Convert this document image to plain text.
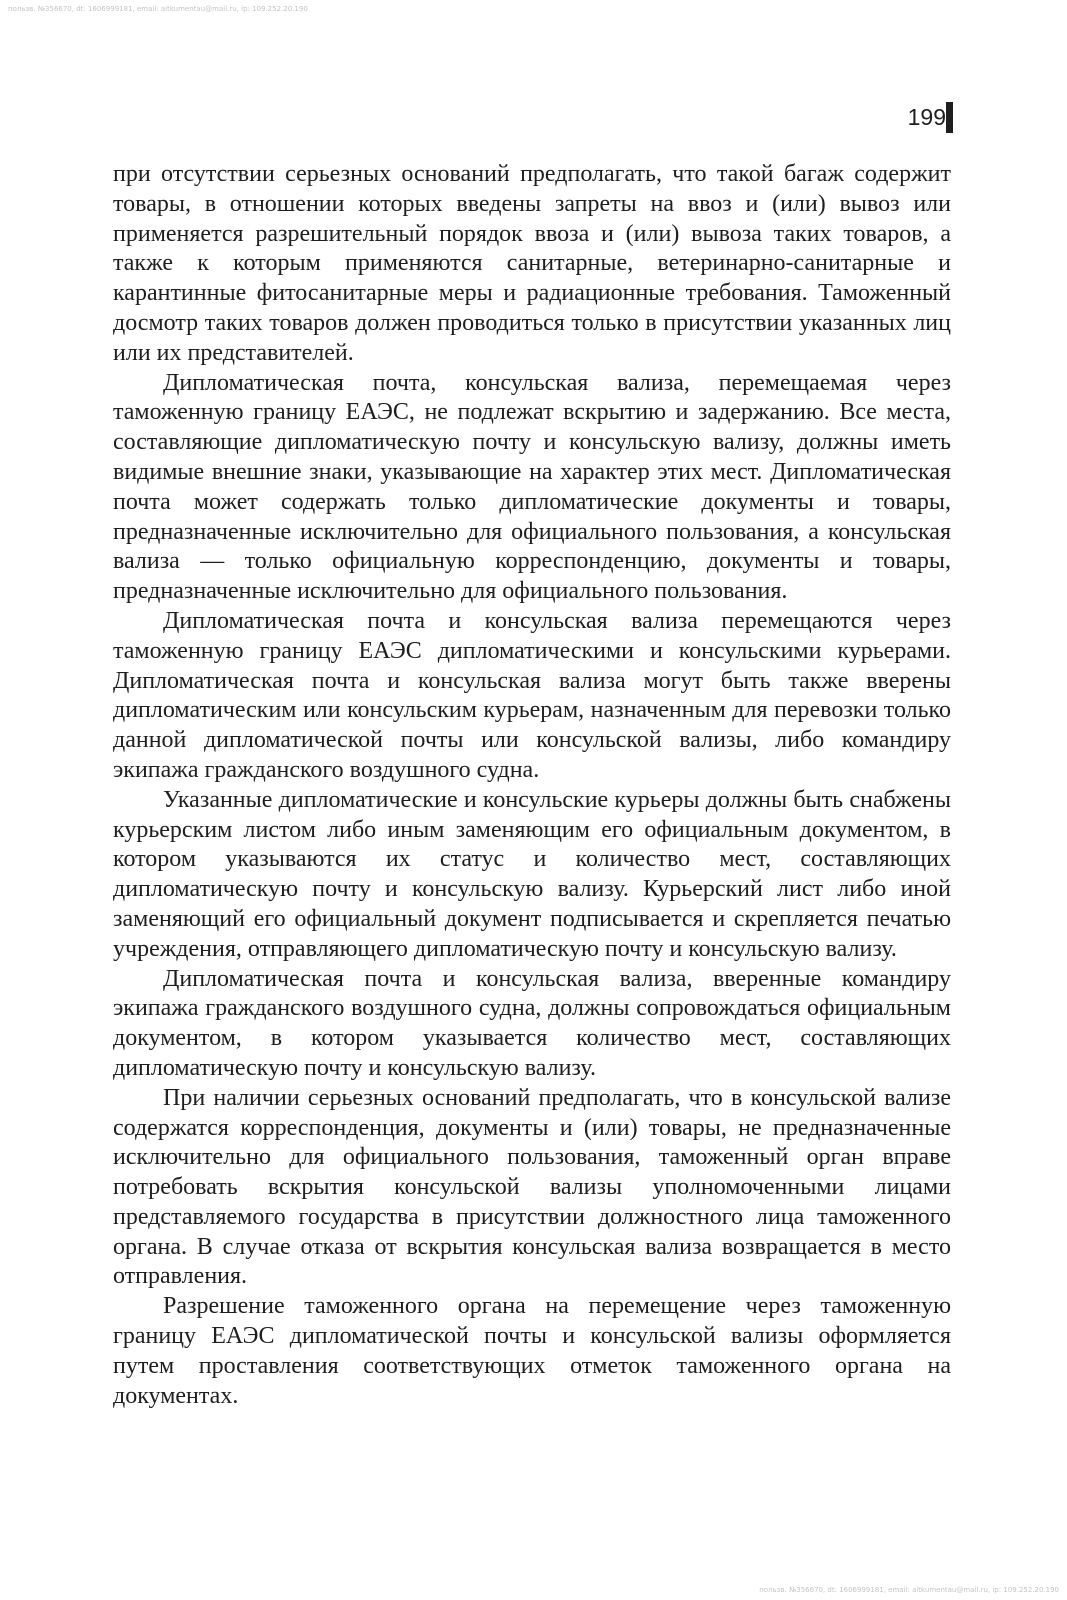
пользв. №356670, dt: 1606999181, email: aitkumentau@mail.ru, ip: 109.252.20.190
199

при отсутствии серьезных оснований предполагать, что такой багаж содержит товары, в отношении которых введены запреты на ввоз и (или) вывоз или применяется разрешительный порядок ввоза и (или) вывоза таких товаров, а также к которым применяются санитарные, ветеринарно-санитарные и карантинные фитосанитарные меры и радиационные требования. Таможенный досмотр таких товаров должен проводиться только в присутствии указанных лиц или их представителей.

Дипломатическая почта, консульская вализа, перемещаемая через таможенную границу ЕАЭС, не подлежат вскрытию и задержанию. Все места, составляющие дипломатическую почту и консульскую вализу, должны иметь видимые внешние знаки, указывающие на характер этих мест. Дипломатическая почта может содержать только дипломатические документы и товары, предназначенные исключительно для официального пользования, а консульская вализа — только официальную корреспонденцию, документы и товары, предназначенные исключительно для официального пользования.

Дипломатическая почта и консульская вализа перемещаются через таможенную границу ЕАЭС дипломатическими и консульскими курьерами. Дипломатическая почта и консульская вализа могут быть также вверены дипломатическим или консульским курьерам, назначенным для перевозки только данной дипломатической почты или консульской вализы, либо командиру экипажа гражданского воздушного судна.

Указанные дипломатические и консульские курьеры должны быть снабжены курьерским листом либо иным заменяющим его официальным документом, в котором указываются их статус и количество мест, составляющих дипломатическую почту и консульскую вализу. Курьерский лист либо иной заменяющий его официальный документ подписывается и скрепляется печатью учреждения, отправляющего дипломатическую почту и консульскую вализу.

Дипломатическая почта и консульская вализа, вверенные командиру экипажа гражданского воздушного судна, должны сопровождаться официальным документом, в котором указывается количество мест, составляющих дипломатическую почту и консульскую вализу.

При наличии серьезных оснований предполагать, что в консульской вализе содержатся корреспонденция, документы и (или) товары, не предназначенные исключительно для официального пользования, таможенный орган вправе потребовать вскрытия консульской вализы уполномоченными лицами представляемого государства в присутствии должностного лица таможенного органа. В случае отказа от вскрытия консульская вализа возвращается в место отправления.

Разрешение таможенного органа на перемещение через таможенную границу ЕАЭС дипломатической почты и консульской вализы оформляется путем проставления соответствующих отметок таможенного органа на документах.

пользв. №356670, dt: 1606999181, email: aitkumentau@mail.ru, ip: 109.252.20.190
